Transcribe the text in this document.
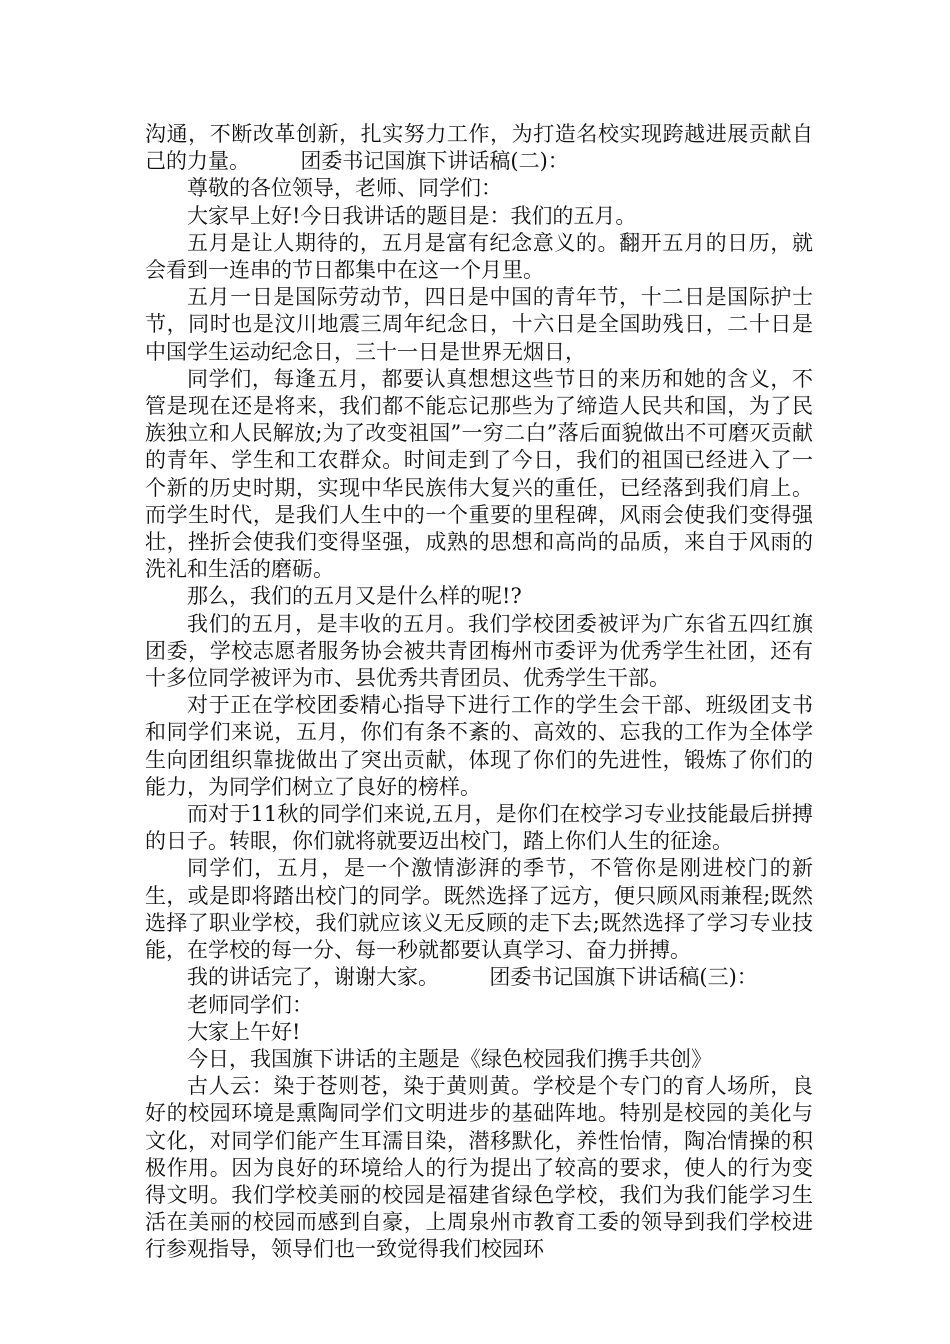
沟通，不断改革创新，扎实努力工作，为打造名校实现跨越进展贡献自己的力量。 团委书记国旗下讲话稿(二)：

尊敬的各位领导，老师、同学们：

大家早上好!今日我讲话的题目是：我们的五月。

五月是让人期待的，五月是富有纪念意义的。翻开五月的日历，就会看到一连串的节日都集中在这一个月里。

五月一日是国际劳动节，四日是中国的青年节，十二日是国际护士节，同时也是汶川地震三周年纪念日，十六日是全国助残日，二十日是中国学生运动纪念日，三十一日是世界无烟日，

同学们，每逢五月，都要认真想想这些节日的来历和她的含义，不管是现在还是将来，我们都不能忘记那些为了缔造人民共和国，为了民族独立和人民解放;为了改变祖国”一穷二白”落后面貌做出不可磨灭贡献的青年、学生和工农群众。时间走到了今日，我们的祖国已经进入了一个新的历史时期，实现中华民族伟大复兴的重任，已经落到我们肩上。而学生时代，是我们人生中的一个重要的里程碑，风雨会使我们变得强壮，挫折会使我们变得坚强，成熟的思想和高尚的品质，来自于风雨的洗礼和生活的磨砺。

那么，我们的五月又是什么样的呢!?

我们的五月，是丰收的五月。我们学校团委被评为广东省五四红旗团委，学校志愿者服务协会被共青团梅州市委评为优秀学生社团，还有十多位同学被评为市、县优秀共青团员、优秀学生干部。

对于正在学校团委精心指导下进行工作的学生会干部、班级团支书和同学们来说，五月，你们有条不紊的、高效的、忘我的工作为全体学生向团组织靠拢做出了突出贡献，体现了你们的先进性，锻炼了你们的能力，为同学们树立了良好的榜样。

而对于11秋的同学们来说,五月，是你们在校学习专业技能最后拼搏的日子。转眼，你们就将就要迈出校门，踏上你们人生的征途。

同学们，五月，是一个激情澎湃的季节，不管你是刚进校门的新生，或是即将踏出校门的同学。既然选择了远方，便只顾风雨兼程;既然选择了职业学校，我们就应该义无反顾的走下去;既然选择了学习专业技能，在学校的每一分、每一秒就都要认真学习、奋力拼搏。

我的讲话完了，谢谢大家。 团委书记国旗下讲话稿(三)：

老师同学们：

大家上午好!

今日，我国旗下讲话的主题是《绿色校园我们携手共创》

古人云：染于苍则苍，染于黄则黄。学校是个专门的育人场所，良好的校园环境是熏陶同学们文明进步的基础阵地。特别是校园的美化与文化，对同学们能产生耳濡目染，潜移默化，养性怡情，陶冶情操的积极作用。因为良好的环境给人的行为提出了较高的要求，使人的行为变得文明。我们学校美丽的校园是福建省绿色学校，我们为我们能学习生活在美丽的校园而感到自豪，上周泉州市教育工委的领导到我们学校进行参观指导，领导们也一致觉得我们校园环
